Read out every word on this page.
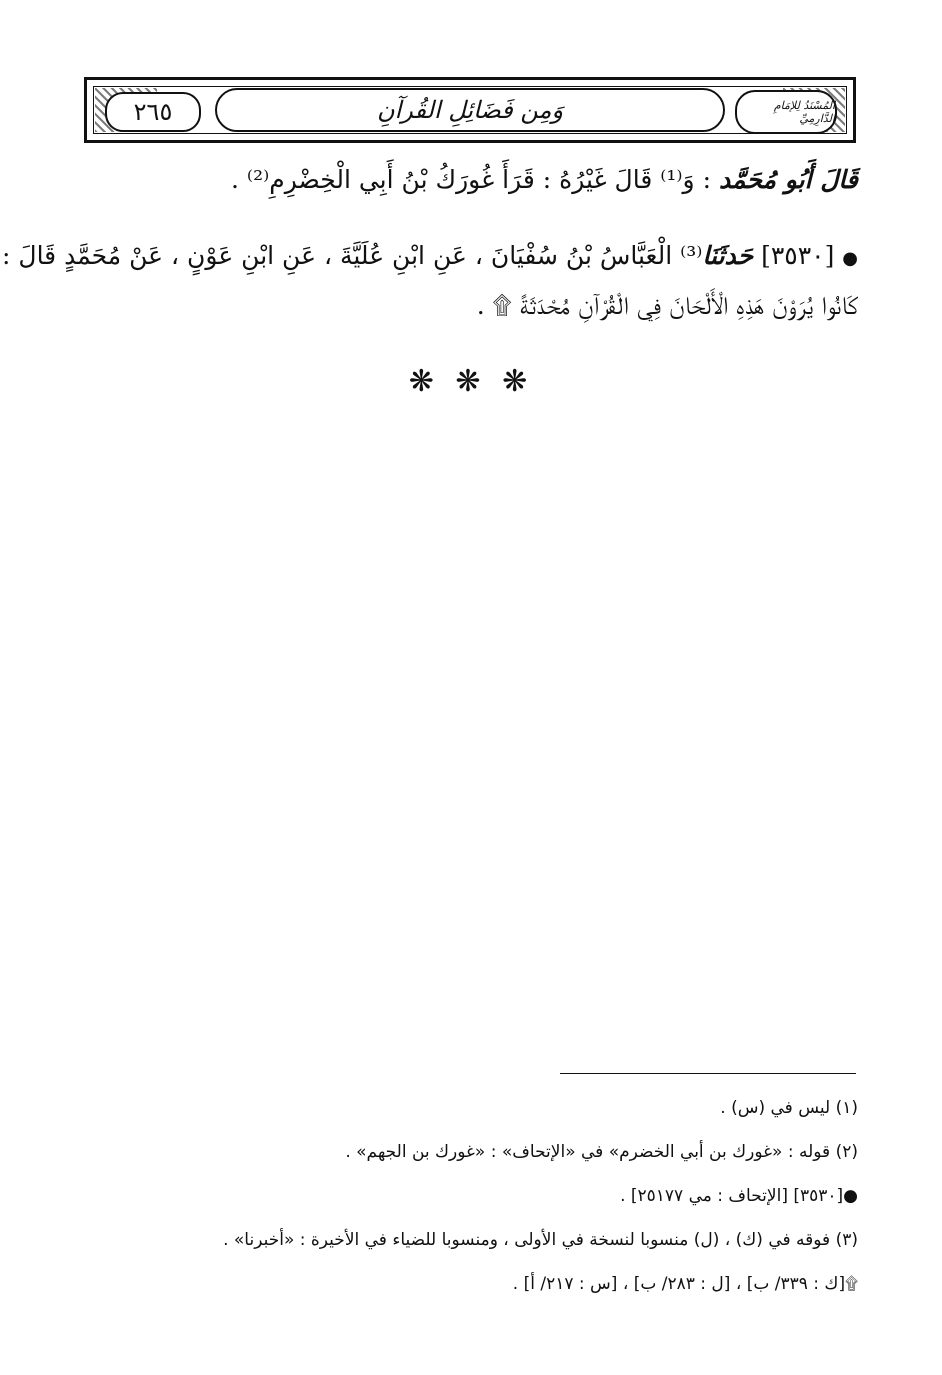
٢٦٥	وَمِن فَضَائِلِ القُرآنِ	المُسْنَدُ لِلإمَامِ الدَّارِمِيِّ
قَالَ أَبُو مُحَمَّد : وَ⁽¹⁾ قَالَ غَيْرُهُ : قَرَأَ غُورَكُ بْنُ أَبِي الْخِضْرِمِ⁽²⁾ .
● [٣٥٣٠] حَدثَنَا⁽³⁾ الْعَبَّاسُ بْنُ سُفْيَانَ ، عَنِ ابْنِ عُلَيَّةَ ، عَنِ ابْنِ عَوْنٍ ، عَنْ مُحَمَّدٍ قَالَ :
كَانُوا يُرَوْنَ هَذِهِ الْأَلْحَانَ فِي الْقُرْآنِ مُحْدَثَةً ۩ .
❋ ❋ ❋
(١) ليس في (س) .
(٢) قوله : «غورك بن أبي الخضرم» في «الإتحاف» : «غورك بن الجهم» .
●[٣٥٣٠] [الإتحاف : مي ٢٥١٧٧] .
(٣) فوقه في (ك) ، (ل) منسوبا لنسخة في الأولى ، ومنسوبا للضياء في الأخيرة : «أخبرنا» .
۩[ك : ٣٣٩/ ب] ، [ل : ٢٨٣/ ب] ، [س : ٢١٧/ أ] .
